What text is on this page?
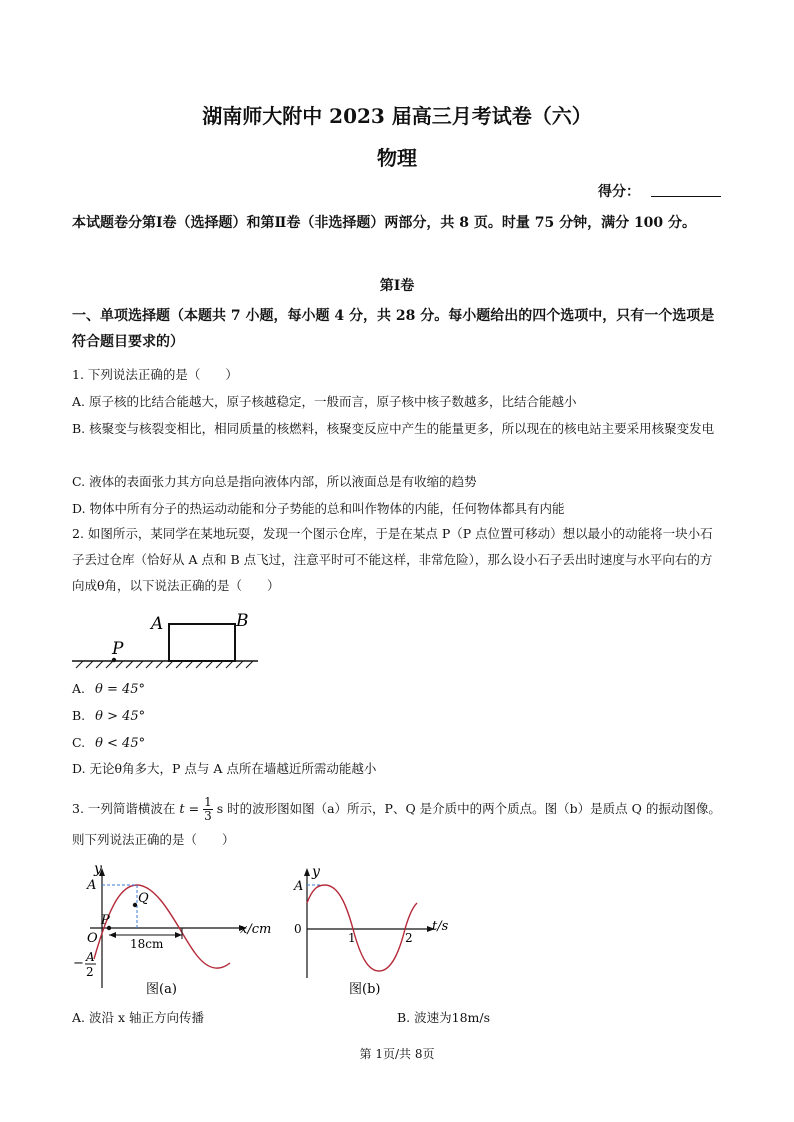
湖南师大附中 2023 届高三月考试卷（六）
物理
得分：
本试题卷分第Ⅰ卷（选择题）和第Ⅱ卷（非选择题）两部分，共 8 页。时量 75 分钟，满分 100 分。
第Ⅰ卷
一、单项选择题（本题共 7 小题，每小题 4 分，共 28 分。每小题给出的四个选项中，只有一个选项是符合题目要求的）
1. 下列说法正确的是（　　）
A. 原子核的比结合能越大，原子核越稳定，一般而言，原子核中核子数越多，比结合能越小
B. 核聚变与核裂变相比，相同质量的核燃料，核聚变反应中产生的能量更多，所以现在的核电站主要采用核聚变发电
C. 液体的表面张力其方向总是指向液体内部，所以液面总是有收缩的趋势
D. 物体中所有分子的热运动动能和分子势能的总和叫作物体的内能，任何物体都具有内能
2. 如图所示，某同学在某地玩耍，发现一个图示仓库，于是在某点 P（P 点位置可移动）想以最小的动能将一块小石子丢过仓库（恰好从 A 点和 B 点飞过，注意平时可不能这样，非常危险），那么设小石子丢出时速度与水平向右的方向成θ角，以下说法正确的是（　　）
A	B
P
A. θ = 45°
B. θ > 45°
C. θ < 45°
D. 无论θ角多大，P 点与 A 点所在墙越近所需动能越小
3. 一列简谐横波在 $t = \frac{1}{3}$ s 时的波形图如图（a）所示，P、Q 是介质中的两个质点。图（b）是质点 Q 的振动图像。则下列说法正确的是（　　）
y
A
Q
P
O
x/cm
18cm
− A
2
图(a)
y
A
0
1	2
t/s
图(b)
A. 波沿 x 轴正方向传播	B. 波速为18m/s
第 1页/共 8页
